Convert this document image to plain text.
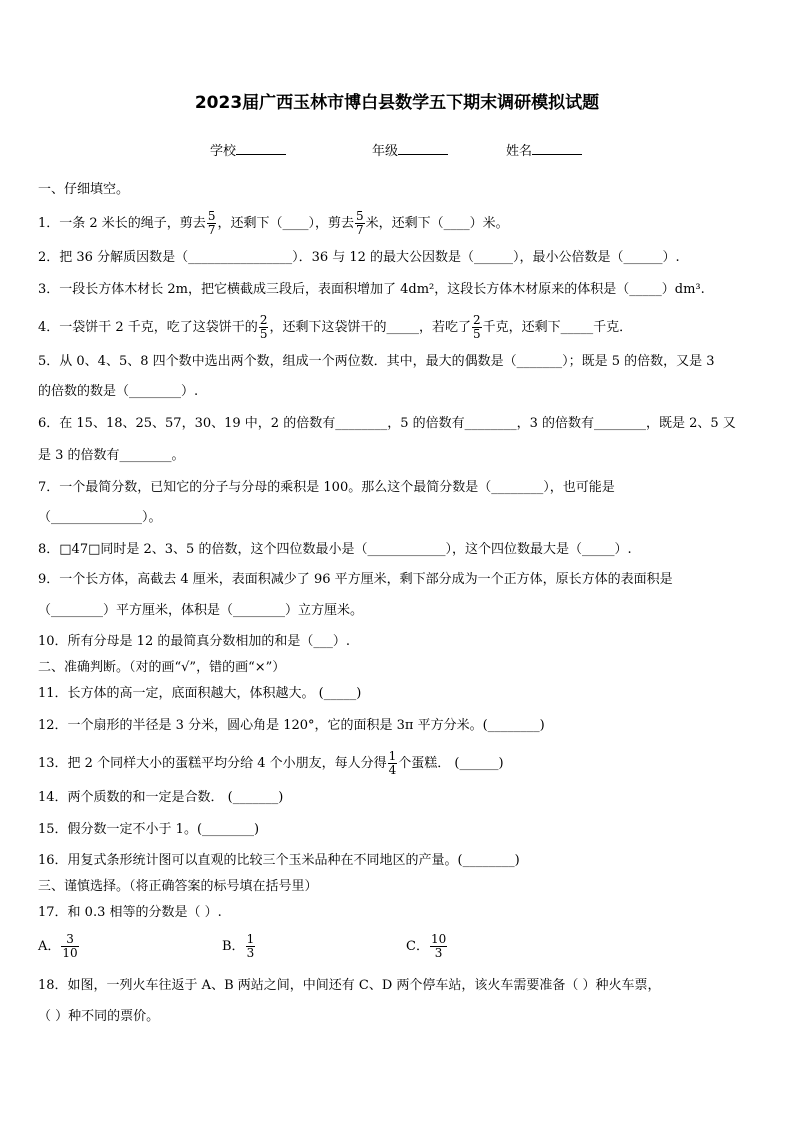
2023届广西玉林市博白县数学五下期末调研模拟试题
学校	年级	姓名
一、仔细填空。
1．一条 2 米长的绳子，剪去 $\frac{5}{7}$ ，还剩下（____），剪去 $\frac{5}{7}$ 米，还剩下（____）米。
2．把 36 分解质因数是（________________）．36 与 12 的最大公因数是（______），最小公倍数是（______）.
3．一段长方体木材长 2m，把它横截成三段后，表面积增加了 4dm²，这段长方体木材原来的体积是（_____）dm³.
4．一袋饼干 2 千克，吃了这袋饼干的 $\frac{2}{5}$ ，还剩下这袋饼干的_____，若吃了 $\frac{2}{5}$ 千克，还剩下_____千克．
5．从 0、4、5、8 四个数中选出两个数，组成一个两位数．其中，最大的偶数是（_______）；既是 5 的倍数，又是 3
的倍数的数是（________）.
6．在 15、18、25、57，30、19 中，2 的倍数有________，5 的倍数有________，3 的倍数有________，既是 2、5 又
是 3 的倍数有________。
7．一个最简分数，已知它的分子与分母的乘积是 100。那么这个最简分数是（________），也可能是
（______________）。
8．□47□同时是 2、3、5 的倍数，这个四位数最小是（____________），这个四位数最大是（_____）.
9．一个长方体，高截去 4 厘米，表面积减少了 96 平方厘米，剩下部分成为一个正方体，原长方体的表面积是
（________）平方厘米，体积是（________）立方厘米。
10．所有分母是 12 的最简真分数相加的和是（___）.
二、准确判断。（对的画“√”，错的画“×”）
11．长方体的高一定，底面积越大，体积越大。 (_____)
12．一个扇形的半径是 3 分米，圆心角是 120°，它的面积是 3π 平方分米。(________)
13．把 2 个同样大小的蛋糕平均分给 4 个小朋友，每人分得 $\frac{1}{4}$ 个蛋糕． (______)
14．两个质数的和一定是合数． (_______)
15．假分数一定不小于 1。(________)
16．用复式条形统计图可以直观的比较三个玉米品种在不同地区的产量。(________)
三、谨慎选择。（将正确答案的标号填在括号里）
17．和 0.3 相等的分数是（ ）.
A． $\frac{3}{10}$	B． $\frac{1}{3}$	C． $\frac{10}{3}$
18．如图，一列火车往返于 A、B 两站之间，中间还有 C、D 两个停车站，该火车需要准备（ ）种火车票，
（ ）种不同的票价。
